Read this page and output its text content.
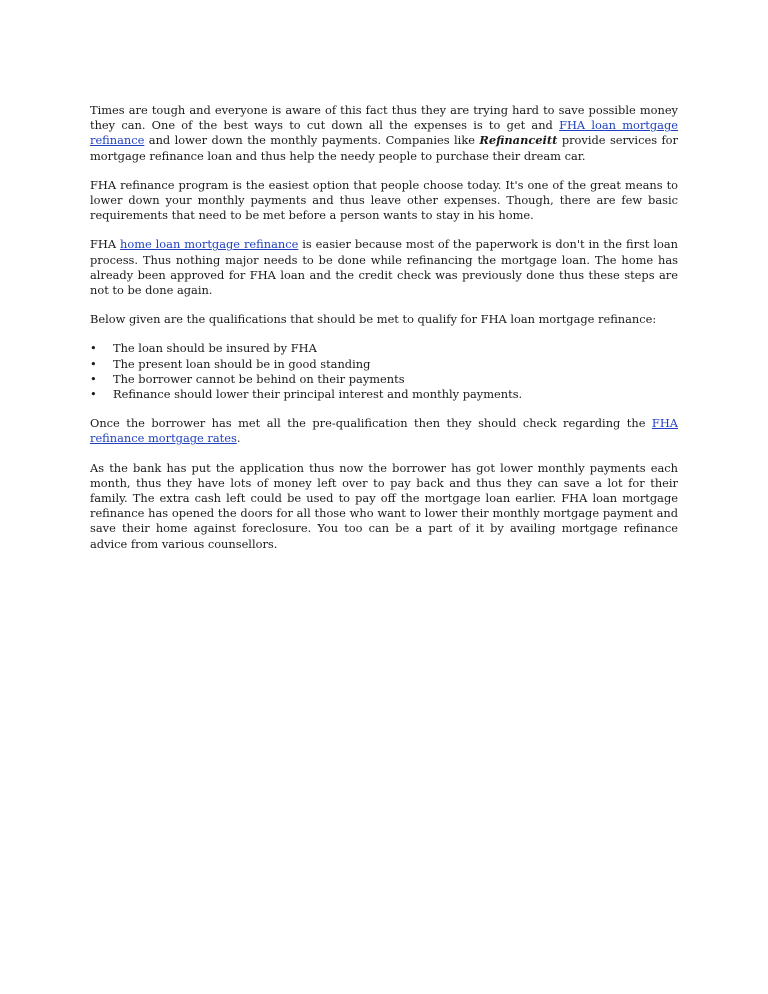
Times are tough and everyone is aware of this fact thus they are trying hard to save possible money they can. One of the best ways to cut down all the expenses is to get and FHA loan mortgage refinance and lower down the monthly payments. Companies like Refinanceitt provide services for mortgage refinance loan and thus help the needy people to purchase their dream car.

FHA refinance program is the easiest option that people choose today. It's one of the great means to lower down your monthly payments and thus leave other expenses. Though, there are few basic requirements that need to be met before a person wants to stay in his home.

FHA home loan mortgage refinance is easier because most of the paperwork is don't in the first loan process. Thus nothing major needs to be done while refinancing the mortgage loan. The home has already been approved for FHA loan and the credit check was previously done thus these steps are not to be done again.

Below given are the qualifications that should be met to qualify for FHA loan mortgage refinance:

• The loan should be insured by FHA
• The present loan should be in good standing
• The borrower cannot be behind on their payments
• Refinance should lower their principal interest and monthly payments.

Once the borrower has met all the pre-qualification then they should check regarding the FHA refinance mortgage rates.

As the bank has put the application thus now the borrower has got lower monthly payments each month, thus they have lots of money left over to pay back and thus they can save a lot for their family. The extra cash left could be used to pay off the mortgage loan earlier. FHA loan mortgage refinance has opened the doors for all those who want to lower their monthly mortgage payment and save their home against foreclosure. You too can be a part of it by availing mortgage refinance advice from various counsellors.
